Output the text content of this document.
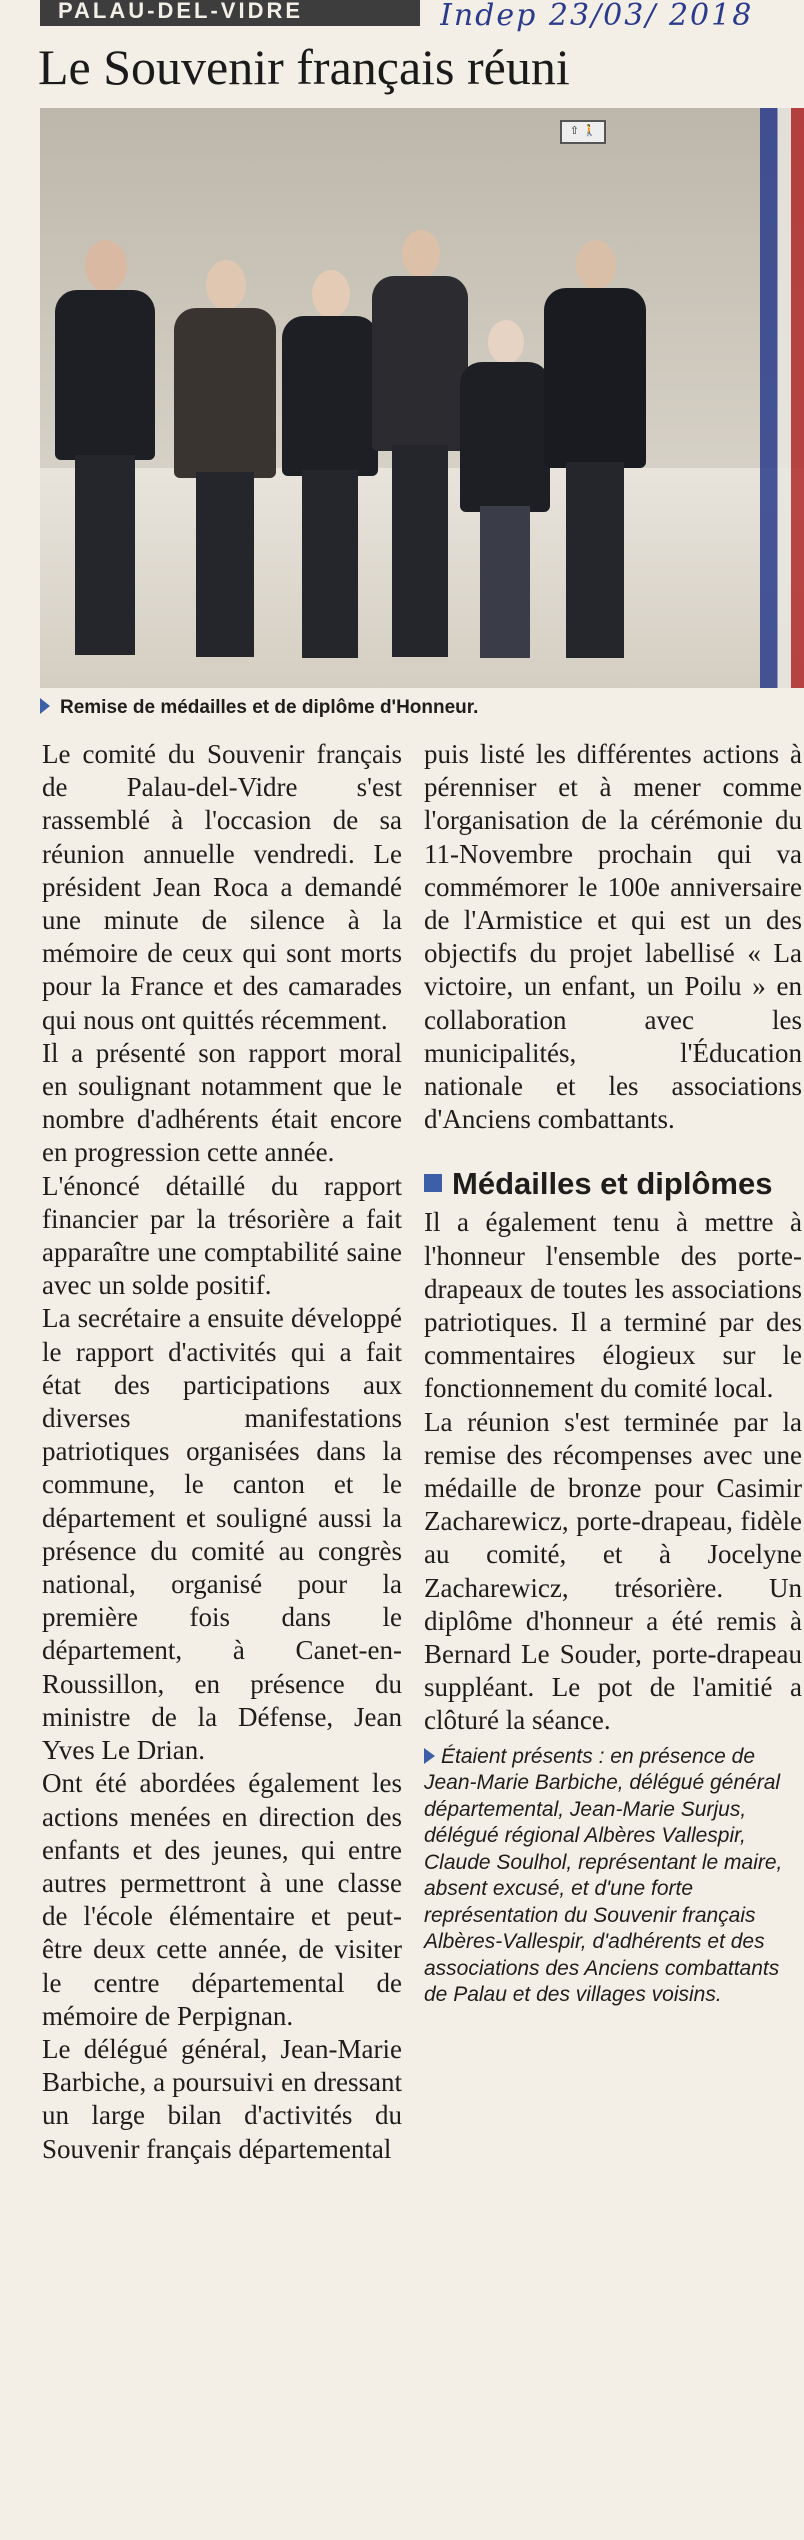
PALAU-DEL-VIDRE	Indep 23/03/ 2018
Le Souvenir français réuni
⇧ 🚶
Remise de médailles et de diplôme d'Honneur.

Le comité du Souvenir français de Palau-del-Vidre s'est rassemblé à l'occasion de sa réunion annuelle vendredi. Le président Jean Roca a demandé une minute de silence à la mémoire de ceux qui sont morts pour la France et des camarades qui nous ont quittés récemment.

Il a présenté son rapport moral en soulignant notamment que le nombre d'adhérents était encore en progression cette année.

L'énoncé détaillé du rapport financier par la trésorière a fait apparaître une comptabilité saine avec un solde positif.

La secrétaire a ensuite développé le rapport d'activités qui a fait état des participations aux diverses manifestations patriotiques organisées dans la commune, le canton et le département et souligné aussi la présence du comité au congrès national, organisé pour la première fois dans le département, à Canet-en-Roussillon, en présence du ministre de la Défense, Jean Yves Le Drian.

Ont été abordées également les actions menées en direction des enfants et des jeunes, qui entre autres permettront à une classe de l'école élémentaire et peut-être deux cette année, de visiter le centre départemental de mémoire de Perpignan.

Le délégué général, Jean-Marie Barbiche, a poursuivi en dressant un large bilan d'activités du Souvenir français départemental

puis listé les différentes actions à pérenniser et à mener comme l'organisation de la cérémonie du 11-Novembre prochain qui va commémorer le 100e anniversaire de l'Armistice et qui est un des objectifs du projet labellisé « La victoire, un enfant, un Poilu » en collaboration avec les municipalités, l'Éducation nationale et les associations d'Anciens combattants.

Médailles et diplômes

Il a également tenu à mettre à l'honneur l'ensemble des porte-drapeaux de toutes les associations patriotiques. Il a terminé par des commentaires élogieux sur le fonctionnement du comité local.

La réunion s'est terminée par la remise des récompenses avec une médaille de bronze pour Casimir Zacharewicz, porte-drapeau, fidèle au comité, et à Jocelyne Zacharewicz, trésorière. Un diplôme d'honneur a été remis à Bernard Le Souder, porte-drapeau suppléant. Le pot de l'amitié a clôturé la séance.

Étaient présents : en présence de Jean-Marie Barbiche, délégué général départemental, Jean-Marie Surjus, délégué régional Albères Vallespir, Claude Soulhol, représentant le maire, absent excusé, et d'une forte représentation du Souvenir français Albères-Vallespir, d'adhérents et des associations des Anciens combattants de Palau et des villages voisins.
